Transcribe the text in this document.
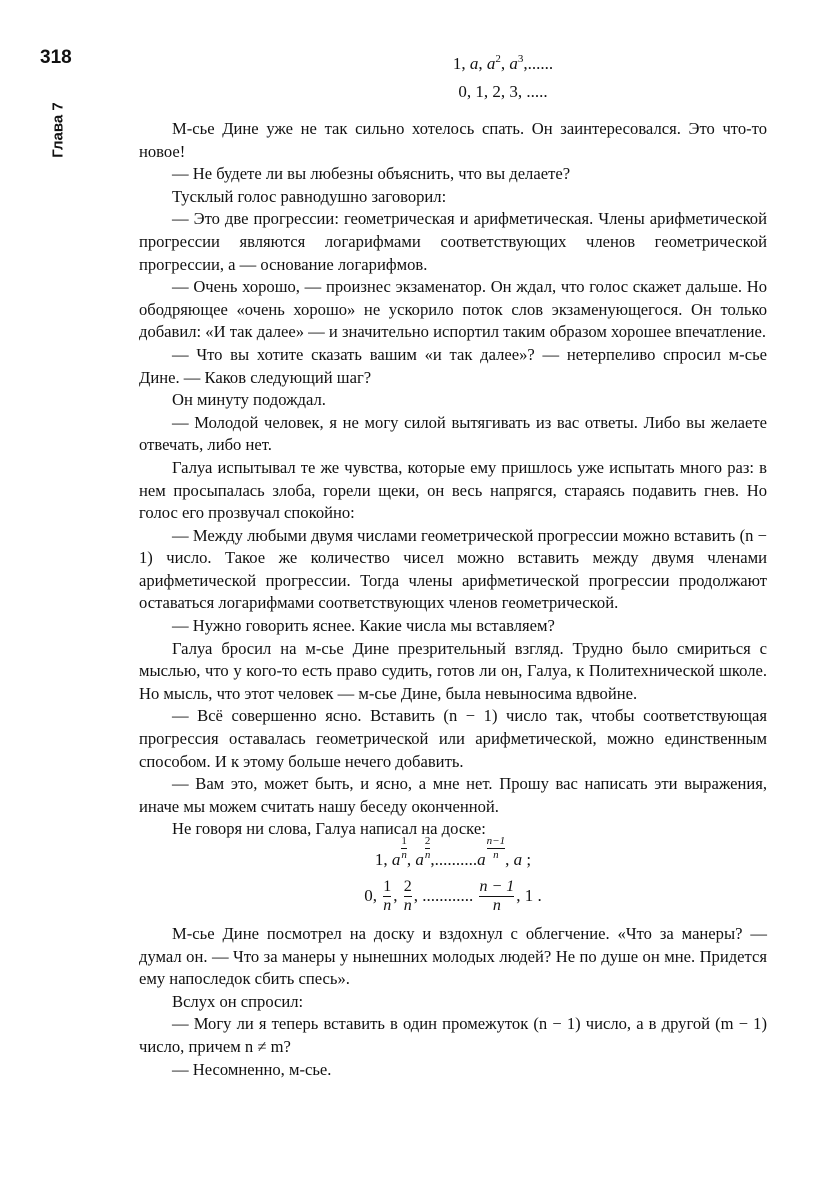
318
Глава 7
1, a, $a^2$, $a^3$,......
0, 1, 2, 3, .....

М-сье Дине уже не так сильно хотелось спать. Он заинтересовался. Это что-то новое!

— Не будете ли вы любезны объяснить, что вы делаете?

Тусклый голос равнодушно заговорил:

— Это две прогрессии: геометрическая и арифметическая. Члены арифметической прогрессии являются логарифмами соответствующих членов геометрической прогрессии, a — основание логарифмов.

— Очень хорошо, — произнес экзаменатор. Он ждал, что голос скажет дальше. Но ободряющее «очень хорошо» не ускорило поток слов экзаменующегося. Он только добавил: «И так далее» — и значительно испортил таким образом хорошее впечатление.

— Что вы хотите сказать вашим «и так далее»? — нетерпеливо спросил м-сье Дине. — Каков следующий шаг?

Он минуту подождал.

— Молодой человек, я не могу силой вытягивать из вас ответы. Либо вы желаете отвечать, либо нет.

Галуа испытывал те же чувства, которые ему пришлось уже испытать много раз: в нем просыпалась злоба, горели щеки, он весь напрягся, стараясь подавить гнев. Но голос его прозвучал спокойно:

— Между любыми двумя числами геометрической прогрессии можно вставить (n − 1) число. Такое же количество чисел можно вставить между двумя членами арифметической прогрессии. Тогда члены арифметической прогрессии продолжают оставаться логарифмами соответствующих членов геометрической.

— Нужно говорить яснее. Какие числа мы вставляем?

Галуа бросил на м-сье Дине презрительный взгляд. Трудно было смириться с мыслью, что у кого-то есть право судить, готов ли он, Галуа, к Политехнической школе. Но мысль, что этот человек — м-сье Дине, была невыносима вдвойне.

— Всё совершенно ясно. Вставить (n − 1) число так, чтобы соответствующая прогрессия оставалась геометрической или арифметической, можно единственным способом. И к этому больше нечего добавить.

— Вам это, может быть, и ясно, а мне нет. Прошу вас написать эти выражения, иначе мы можем считать нашу беседу оконченной.

Не говоря ни слова, Галуа написал на доске:

1 , a
1
n , a
2
n ,.......... a
n−1
n ,
a
;
0,
$\frac{1}{n}$ , $\frac{2}{n}$ , ............
$\frac{n - 1}{n}$ , 1 .

М-сье Дине посмотрел на доску и вздохнул с облегчение. «Что за манеры? — думал он. — Что за манеры у нынешних молодых людей? Не по душе он мне. Придется ему напоследок сбить спесь».

Вслух он спросил:

— Могу ли я теперь вставить в один промежуток (n − 1) число, а в другой (m − 1) число, причем n ≠ m?

— Несомненно, м-сье.
